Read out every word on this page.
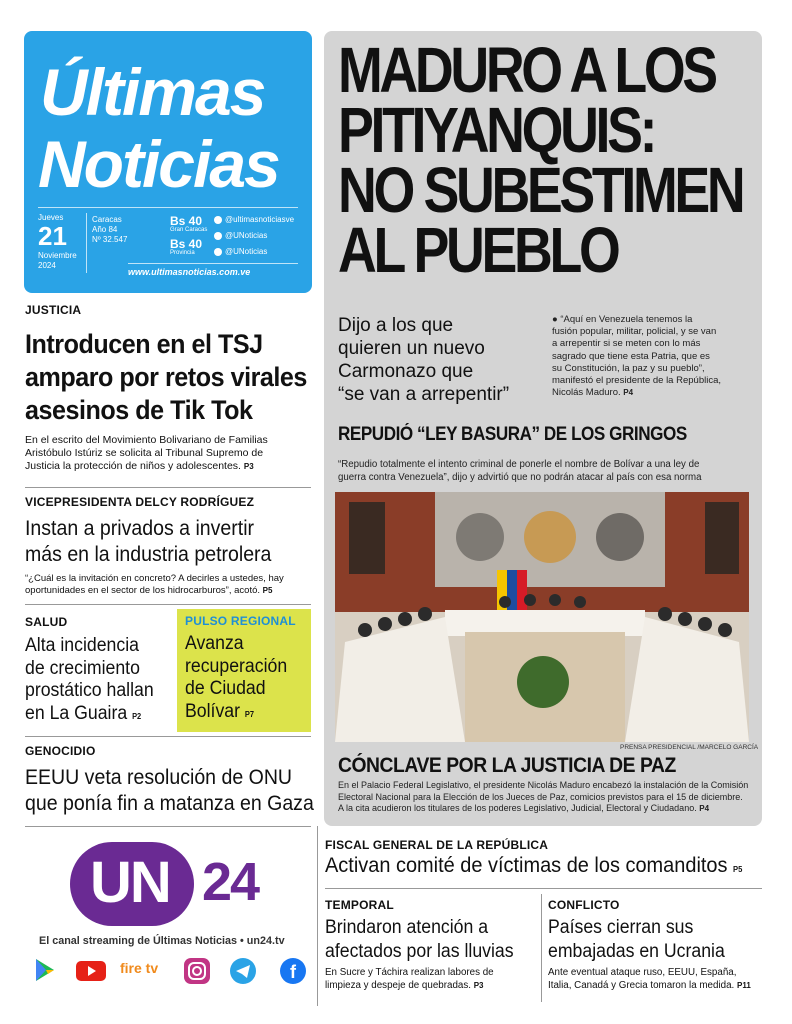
Últimas
Noticias
Jueves
21
Noviembre
2024
Caracas
Año 84
Nº 32.547
Bs 40
Gran Caracas
Bs 40
Provincia
@ultimasnoticiasve
@UNoticias
@UNoticias
www.ultimasnoticias.com.ve
MADURO A LOS
PITIYANQUIS:
NO SUBESTIMEN
AL PUEBLO
Dijo a los que
quieren un nuevo
Carmonazo que
“se van a arrepentir”
● “Aquí en Venezuela tenemos la
fusión popular, militar, policial, y se van
a arrepentir si se meten con lo más
sagrado que tiene esta Patria, que es
su Constitución, la paz y su pueblo”,
manifestó el presidente de la República,
Nicolás Maduro. P4
REPUDIÓ “LEY BASURA” DE LOS GRINGOS
“Repudio totalmente el intento criminal de ponerle el nombre de Bolívar a una ley de
guerra contra Venezuela”, dijo y advirtió que no podrán atacar al país con esa norma
PRENSA PRESIDENCIAL /MARCELO GARCÍA
CÓNCLAVE POR LA JUSTICIA DE PAZ
En el Palacio Federal Legislativo, el presidente Nicolás Maduro encabezó la instalación de la Comisión
Electoral Nacional para la Elección de los Jueces de Paz, comicios previstos para el 15 de diciembre.
A la cita acudieron los titulares de los poderes Legislativo, Judicial, Electoral y Ciudadano. P4
JUSTICIA
Introducen en el TSJ
amparo por retos virales
asesinos de Tik Tok
En el escrito del Movimiento Bolivariano de Familias
Aristóbulo Istúriz se solicita al Tribunal Supremo de
Justicia la protección de niños y adolescentes. P3
VICEPRESIDENTA DELCY RODRÍGUEZ
Instan a privados a invertir
más en la industria petrolera
“¿Cuál es la invitación en concreto? A decirles a ustedes, hay
oportunidades en el sector de los hidrocarburos”, acotó. P5
SALUD
Alta incidencia
de crecimiento
prostático hallan
en La Guaira P2
PULSO REGIONAL
Avanza
recuperación
de Ciudad
Bolívar P7
GENOCIDIO
EEUU veta resolución de ONU
que ponía fin a matanza en Gaza
UN 24
El canal streaming de Últimas Noticias • un24.tv
fire tv	f
FISCAL GENERAL DE LA REPÚBLICA
Activan comité de víctimas de los comanditos P5
TEMPORAL
Brindaron atención a
afectados por las lluvias
En Sucre y Táchira realizan labores de
limpieza y despeje de quebradas. P3
CONFLICTO
Países cierran sus
embajadas en Ucrania
Ante eventual ataque ruso, EEUU, España,
Italia, Canadá y Grecia tomaron la medida. P11
